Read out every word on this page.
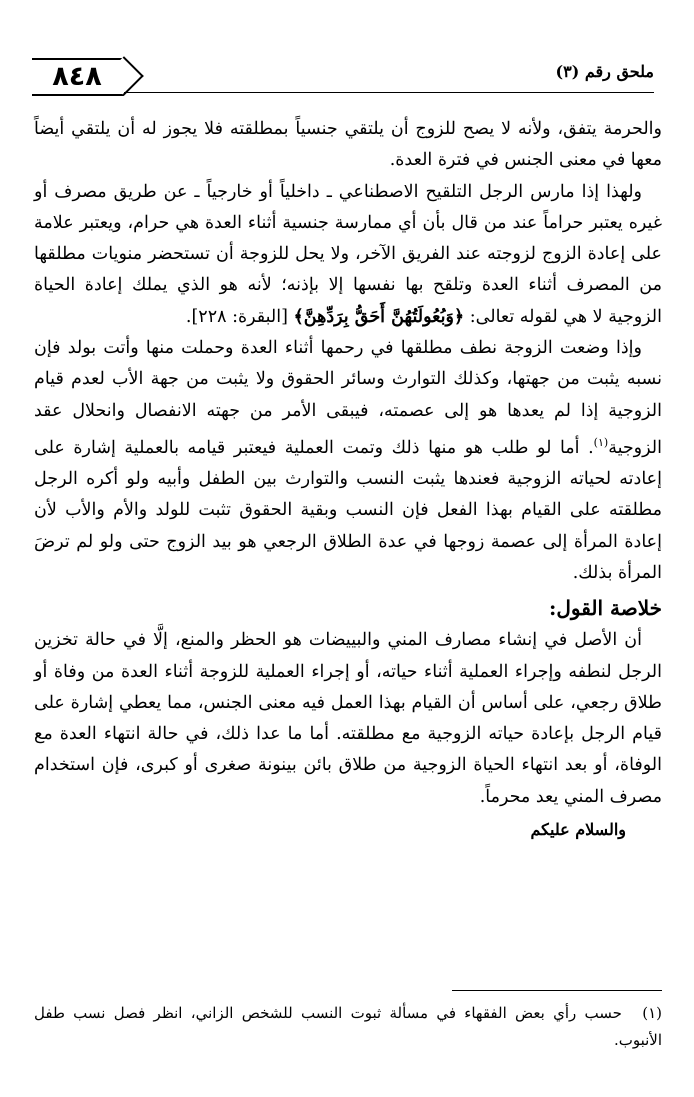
٨٤٨	ملحق رقم (٣)

والحرمة يتفق، ولأنه لا يصح للزوج أن يلتقي جنسياً بمطلقته فلا يجوز له أن يلتقي أيضاً معها في معنى الجنس في فترة العدة.

ولهذا إذا مارس الرجل التلقيح الاصطناعي ـ داخلياً أو خارجياً ـ عن طريق مصرف أو غيره يعتبر حراماً عند من قال بأن أي ممارسة جنسية أثناء العدة هي حرام، ويعتبر علامة على إعادة الزوج لزوجته عند الفريق الآخر، ولا يحل للزوجة أن تستحضر منويات مطلقها من المصرف أثناء العدة وتلقح بها نفسها إلا بإذنه؛ لأنه هو الذي يملك إعادة الحياة الزوجية لا هي لقوله تعالى: ﴿وَبُعُولَتُهُنَّ أَحَقُّ بِرَدِّهِنَّ﴾ [البقرة: ٢٢٨].

وإذا وضعت الزوجة نطف مطلقها في رحمها أثناء العدة وحملت منها وأتت بولد فإن نسبه يثبت من جهتها، وكذلك التوارث وسائر الحقوق ولا يثبت من جهة الأب لعدم قيام الزوجية إذا لم يعدها هو إلى عصمته، فيبقى الأمر من جهته الانفصال وانحلال عقد الزوجية$^{(١)}$. أما لو طلب هو منها ذلك وتمت العملية فيعتبر قيامه بالعملية إشارة على إعادته لحياته الزوجية فعندها يثبت النسب والتوارث بين الطفل وأبيه ولو أكره الرجل مطلقته على القيام بهذا الفعل فإن النسب وبقية الحقوق تثبت للولد والأم والأب لأن إعادة المرأة إلى عصمة زوجها في عدة الطلاق الرجعي هو بيد الزوج حتى ولو لم ترضَ المرأة بذلك.

خلاصة القول:

أن الأصل في إنشاء مصارف المني والبييضات هو الحظر والمنع، إلَّا في حالة تخزين الرجل لنطفه وإجراء العملية أثناء حياته، أو إجراء العملية للزوجة أثناء العدة من وفاة أو طلاق رجعي، على أساس أن القيام بهذا العمل فيه معنى الجنس، مما يعطي إشارة على قيام الرجل بإعادة حياته الزوجية مع مطلقته. أما ما عدا ذلك، في حالة انتهاء العدة مع الوفاة، أو بعد انتهاء الحياة الزوجية من طلاق بائن بينونة صغرى أو كبرى، فإن استخدام مصرف المني يعد محرماً.

والسلام عليكم
(١) حسب رأي بعض الفقهاء في مسألة ثبوت النسب للشخص الزاني، انظر فصل نسب طفل الأنبوب.
